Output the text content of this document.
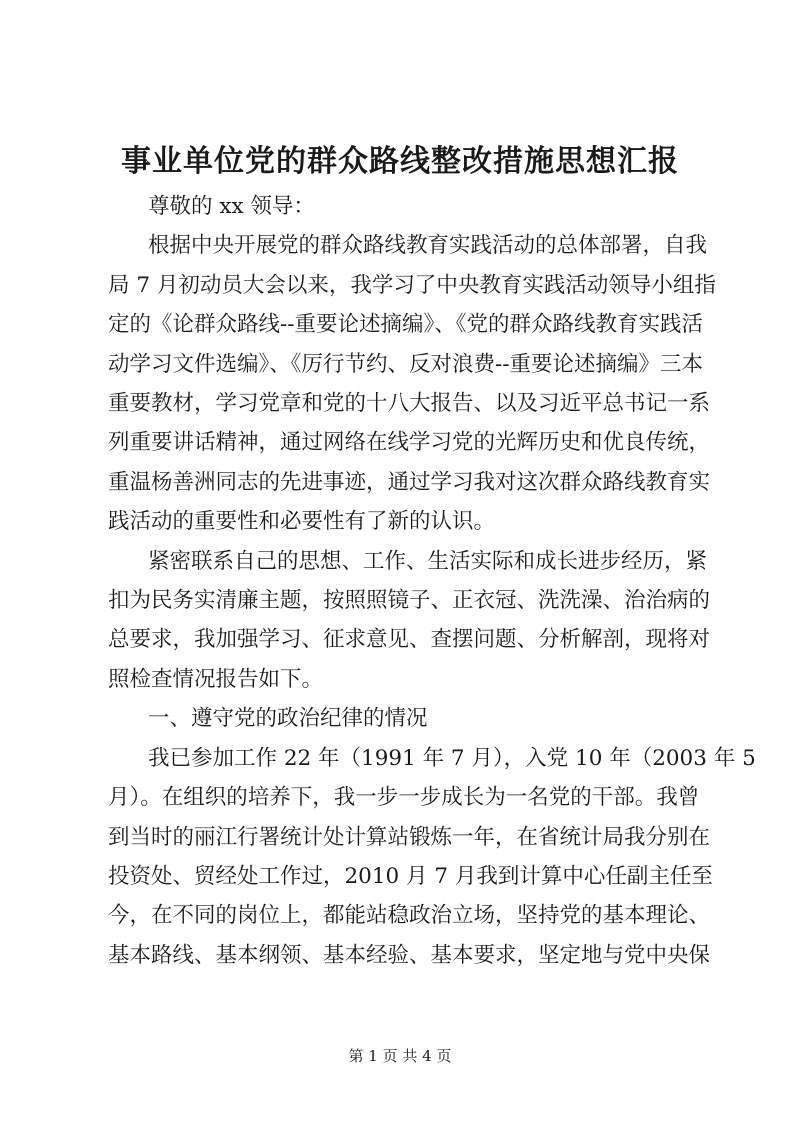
事业单位党的群众路线整改措施思想汇报
尊敬的 xx 领导：
根据中央开展党的群众路线教育实践活动的总体部署，自我
局 7 月初动员大会以来，我学习了中央教育实践活动领导小组指
定的《论群众路线--重要论述摘编》、《党的群众路线教育实践活
动学习文件选编》、《厉行节约、反对浪费--重要论述摘编》三本
重要教材，学习党章和党的十八大报告、以及习近平总书记一系
列重要讲话精神，通过网络在线学习党的光辉历史和优良传统，
重温杨善洲同志的先进事迹，通过学习我对这次群众路线教育实
践活动的重要性和必要性有了新的认识。
紧密联系自己的思想、工作、生活实际和成长进步经历，紧
扣为民务实清廉主题，按照照镜子、正衣冠、洗洗澡、治治病的
总要求，我加强学习、征求意见、查摆问题、分析解剖，现将对
照检查情况报告如下。
一、遵守党的政治纪律的情况
我已参加工作 22 年（1991 年 7 月），入党 10 年（2003 年 5
月）。在组织的培养下，我一步一步成长为一名党的干部。我曾
到当时的丽江行署统计处计算站锻炼一年，在省统计局我分别在
投资处、贸经处工作过，2010 月 7 月我到计算中心任副主任至
今，在不同的岗位上，都能站稳政治立场，坚持党的基本理论、
基本路线、基本纲领、基本经验、基本要求，坚定地与党中央保
第 1 页 共 4 页
